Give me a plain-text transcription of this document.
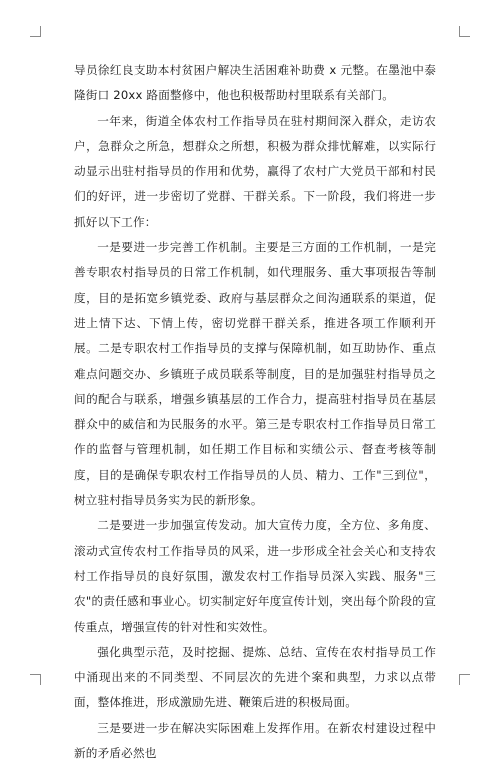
导员徐红良支助本村贫困户解决生活困难补助费 x 元整。在墨池中泰隆街口 20xx 路面整修中，他也积极帮助村里联系有关部门。

一年来，街道全体农村工作指导员在驻村期间深入群众，走访农户，急群众之所急，想群众之所想，积极为群众排忧解难，以实际行动显示出驻村指导员的作用和优势，赢得了农村广大党员干部和村民们的好评，进一步密切了党群、干群关系。下一阶段，我们将进一步抓好以下工作：

一是要进一步完善工作机制。主要是三方面的工作机制，一是完善专职农村指导员的日常工作机制，如代理服务、重大事项报告等制度，目的是拓宽乡镇党委、政府与基层群众之间沟通联系的渠道，促进上情下达、下情上传，密切党群干群关系，推进各项工作顺利开展。二是专职农村工作指导员的支撑与保障机制，如互助协作、重点难点问题交办、乡镇班子成员联系等制度，目的是加强驻村指导员之间的配合与联系，增强乡镇基层的工作合力，提高驻村指导员在基层群众中的威信和为民服务的水平。第三是专职农村工作指导员日常工作的监督与管理机制，如任期工作目标和实绩公示、督查考核等制度，目的是确保专职农村工作指导员的人员、精力、工作"三到位"，树立驻村指导员务实为民的新形象。

二是要进一步加强宣传发动。加大宣传力度，全方位、多角度、滚动式宣传农村工作指导员的风采，进一步形成全社会关心和支持农村工作指导员的良好氛围，激发农村工作指导员深入实践、服务"三农"的责任感和事业心。切实制定好年度宣传计划，突出每个阶段的宣传重点，增强宣传的针对性和实效性。

强化典型示范，及时挖掘、提炼、总结、宣传在农村指导员工作中涌现出来的不同类型、不同层次的先进个案和典型，力求以点带面，整体推进，形成激励先进、鞭策后进的积极局面。

三是要进一步在解决实际困难上发挥作用。在新农村建设过程中新的矛盾必然也
